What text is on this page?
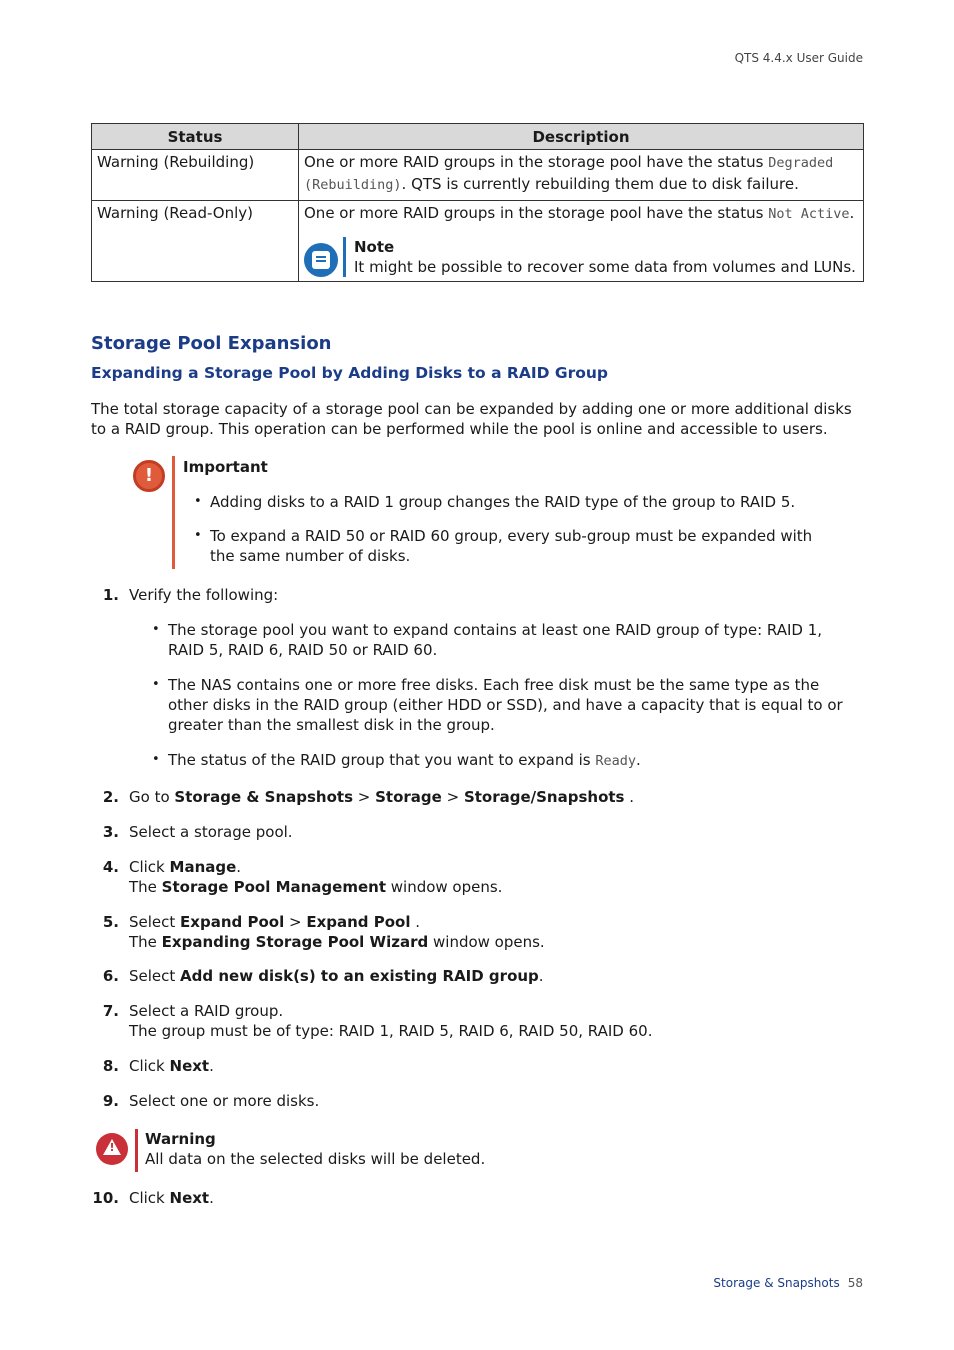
QTS 4.4.x User Guide
Status	Description
Warning (Rebuilding)	One or more RAID groups in the storage pool have the status Degraded (Rebuilding). QTS is currently rebuilding them due to disk failure.
Warning (Read-Only)	One or more RAID groups in the storage pool have the status Not Active.
Note
It might be possible to recover some data from volumes and LUNs.
Storage Pool Expansion
Expanding a Storage Pool by Adding Disks to a RAID Group

The total storage capacity of a storage pool can be expanded by adding one or more additional disks to a RAID group. This operation can be performed while the pool is online and accessible to users.

!	Important
• Adding disks to a RAID 1 group changes the RAID type of the group to RAID 5.
• To expand a RAID 50 or RAID 60 group, every sub-group must be expanded with the same number of disks.
1. Verify the following:
• The storage pool you want to expand contains at least one RAID group of type: RAID 1, RAID 5, RAID 6, RAID 50 or RAID 60.
• The NAS contains one or more free disks. Each free disk must be the same type as the other disks in the RAID group (either HDD or SSD), and have a capacity that is equal to or greater than the smallest disk in the group.
• The status of the RAID group that you want to expand is Ready.
2. Go to Storage & Snapshots > Storage > Storage/Snapshots .
3. Select a storage pool.
4. Click Manage.
The Storage Pool Management window opens.
5. Select Expand Pool > Expand Pool .
The Expanding Storage Pool Wizard window opens.
6. Select Add new disk(s) to an existing RAID group.
7. Select a RAID group.
The group must be of type: RAID 1, RAID 5, RAID 6, RAID 50, RAID 60.
8. Click Next.
9. Select one or more disks.
!
Warning
All data on the selected disks will be deleted.
10. Click Next.
Storage & Snapshots 58
